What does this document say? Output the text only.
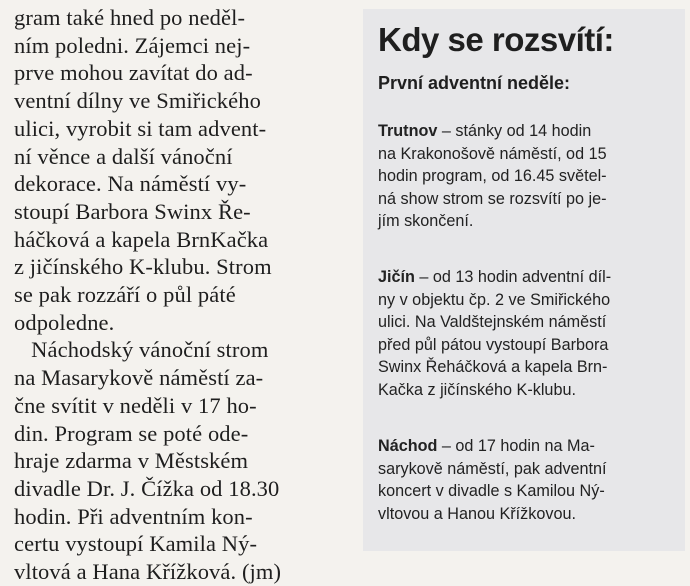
gram také hned po neděl-
ním poledni. Zájemci nej-
prve mohou zavítat do ad-
ventní dílny ve Smiřického
ulici, vyrobit si tam advent-
ní věnce a další vánoční
dekorace. Na náměstí vy-
stoupí Barbora Swinx Ře-
háčková a kapela BrnKačka
z jičínského K-klubu. Strom
se pak rozzáří o půl páté
odpoledne.
Náchodský vánoční strom
na Masarykově náměstí za-
čne svítit v neděli v 17 ho-
din. Program se poté ode-
hraje zdarma v Městském
divadle Dr. J. Čížka od 18.30
hodin. Při adventním kon-
certu vystoupí Kamila Ný-
vltová a Hana Křížková. (jm)
Kdy se rozsvítí:
První adventní neděle:
Trutnov – stánky od 14 hodin
na Krakonošově náměstí, od 15
hodin program, od 16.45 světel-
ná show strom se rozsvítí po je-
jím skončení.
Jičín – od 13 hodin adventní díl-
ny v objektu čp. 2 ve Smiřického
ulici. Na Valdštejnském náměstí
před půl pátou vystoupí Barbora
Swinx Řeháčková a kapela Brn-
Kačka z jičínského K-klubu.
Náchod – od 17 hodin na Ma-
sarykově náměstí, pak adventní
koncert v divadle s Kamilou Ný-
vltovou a Hanou Křížkovou.
